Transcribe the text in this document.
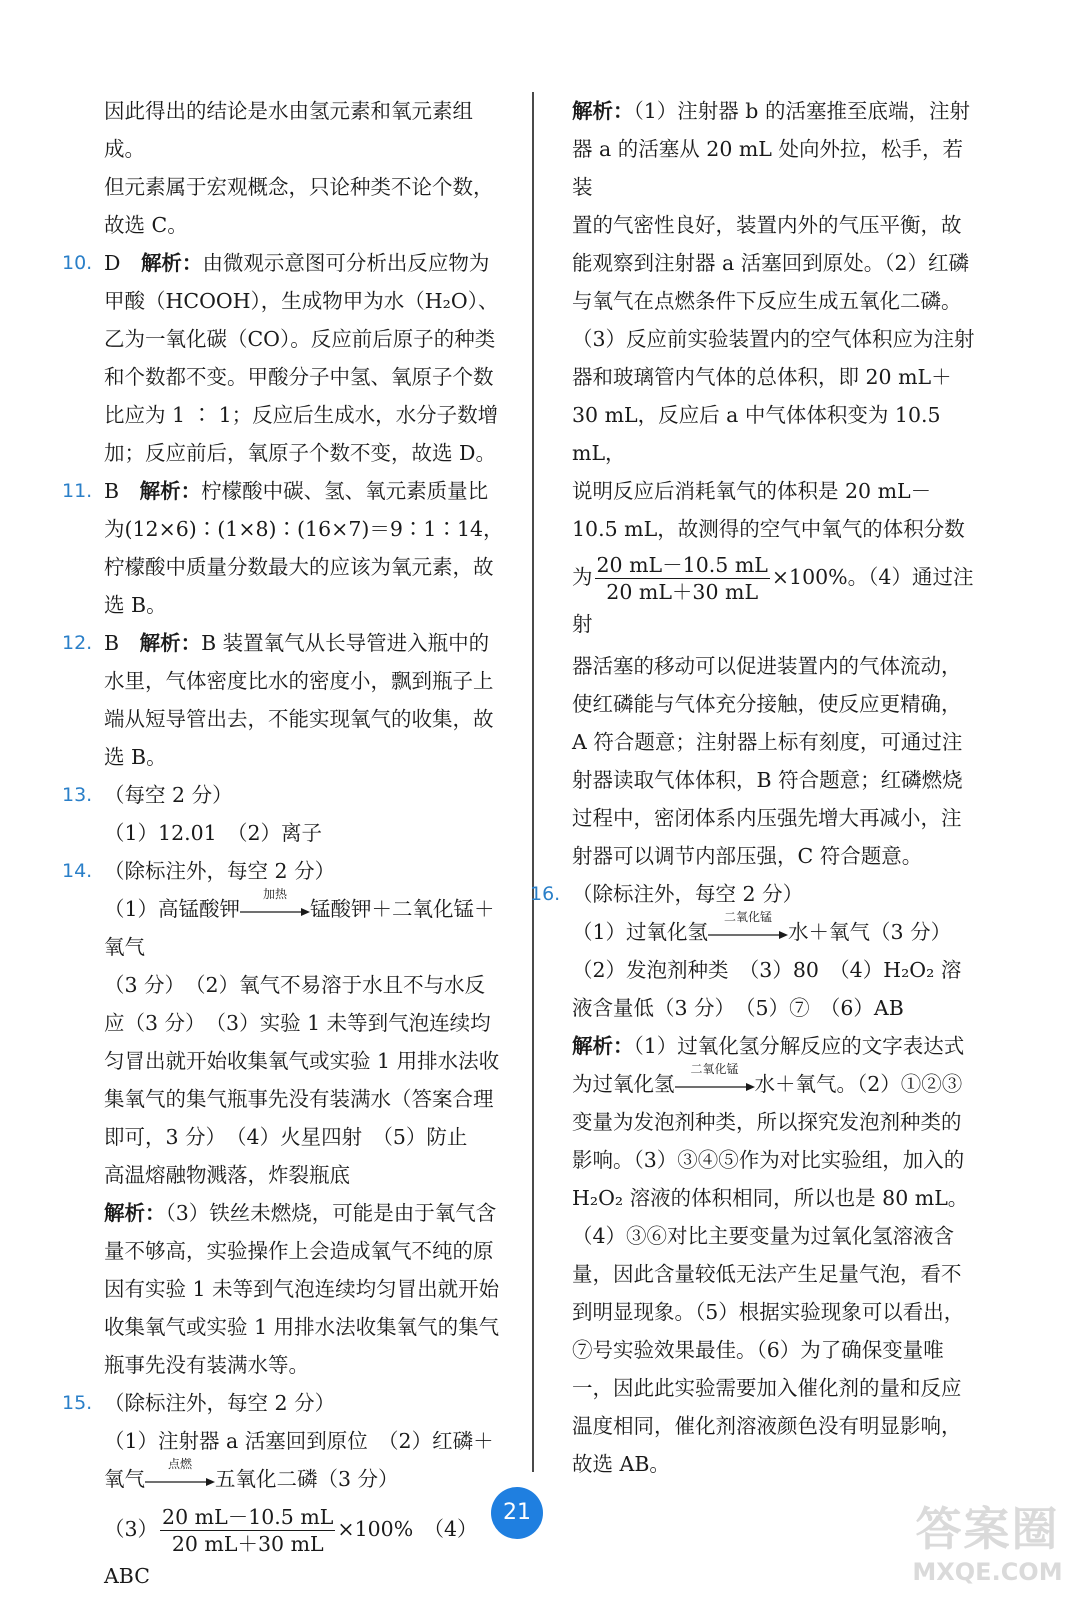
因此得出的结论是水由氢元素和氧元素组成。

但元素属于宏观概念，只论种类不论个数，

故选 C。

10. D　 解析：由微观示意图可分析出反应物为

甲酸（HCOOH），生成物甲为水（H₂O）、

乙为一氧化碳（CO）。反应前后原子的种类

和个数都不变。甲酸分子中氢、氧原子个数

比应为 1 ∶ 1；反应后生成水，水分子数增

加；反应前后，氧原子个数不变，故选 D。

11. B　 解析：柠檬酸中碳、氢、氧元素质量比

为(12×6)∶(1×8)∶(16×7)＝9∶1∶14，

柠檬酸中质量分数最大的应该为氧元素，故

选 B。

12. B　 解析：B 装置氧气从长导管进入瓶中的

水里，气体密度比水的密度小，飘到瓶子上

端从短导管出去，不能实现氧气的收集，故

选 B。

13. （每空 2 分）

（1）12.01　（2）离子

14. （除标注外，每空 2 分）

（1）高锰酸钾
加热
锰酸钾＋二氧化锰＋氧气

（3 分）　（2）氧气不易溶于水且不与水反

应（3 分）　（3）实验 1 未等到气泡连续均

匀冒出就开始收集氧气或实验 1 用排水法收

集氧气的集气瓶事先没有装满水（答案合理

即可，3 分）　（4）火星四射　（5）防止

高温熔融物溅落，炸裂瓶底

解析：（3）铁丝未燃烧，可能是由于氧气含

量不够高，实验操作上会造成氧气不纯的原

因有实验 1 未等到气泡连续均匀冒出就开始

收集氧气或实验 1 用排水法收集氧气的集气

瓶事先没有装满水等。

15. （除标注外，每空 2 分）

（1）注射器 a 活塞回到原位　（2）红磷＋

氧气
点燃
五氧化二磷（3 分）

$(3) \frac{20 mL-10.5 mL}{20 mL+30 mL} \times 100\%$　（4）ABC

解析：（1）注射器 b 的活塞推至底端，注射

器 a 的活塞从 20 mL 处向外拉，松手，若装

置的气密性良好，装置内外的气压平衡，故

能观察到注射器 a 活塞回到原处。（2）红磷

与氧气在点燃条件下反应生成五氧化二磷。

（3）反应前实验装置内的空气体积应为注射

器和玻璃管内气体的总体积，即 20 mL＋

30 mL，反应后 a 中气体体积变为 10.5 mL，

说明反应后消耗氧气的体积是 20 mL－

10.5 mL，故测得的空气中氧气的体积分数

为 $\frac{20 mL-10.5 mL}{20 mL+30 mL} \times 100\%$。（4）通过注射

器活塞的移动可以促进装置内的气体流动，

使红磷能与气体充分接触，使反应更精确，

A 符合题意；注射器上标有刻度，可通过注

射器读取气体体积，B 符合题意；红磷燃烧

过程中，密闭体系内压强先增大再减小，注

射器可以调节内部压强，C 符合题意。

16. （除标注外，每空 2 分）

（1）过氧化氢
二氧化锰
水＋氧气（3 分）

（2）发泡剂种类　（3）80　（4）H₂O₂ 溶

液含量低（3 分）　（5）⑦　（6）AB

解析：（1）过氧化氢分解反应的文字表达式

为过氧化氢
二氧化锰
水＋氧气。（2）①②③

变量为发泡剂种类，所以探究发泡剂种类的

影响。（3）③④⑤作为对比实验组，加入的

H₂O₂ 溶液的体积相同，所以也是 80 mL。

（4）③⑥对比主要变量为过氧化氢溶液含

量，因此含量较低无法产生足量气泡，看不

到明显现象。（5）根据实验现象可以看出，

⑦号实验效果最佳。（6）为了确保变量唯

一，因此此实验需要加入催化剂的量和反应

温度相同，催化剂溶液颜色没有明显影响，

故选 AB。

21	答案圈
MXQE.COM
